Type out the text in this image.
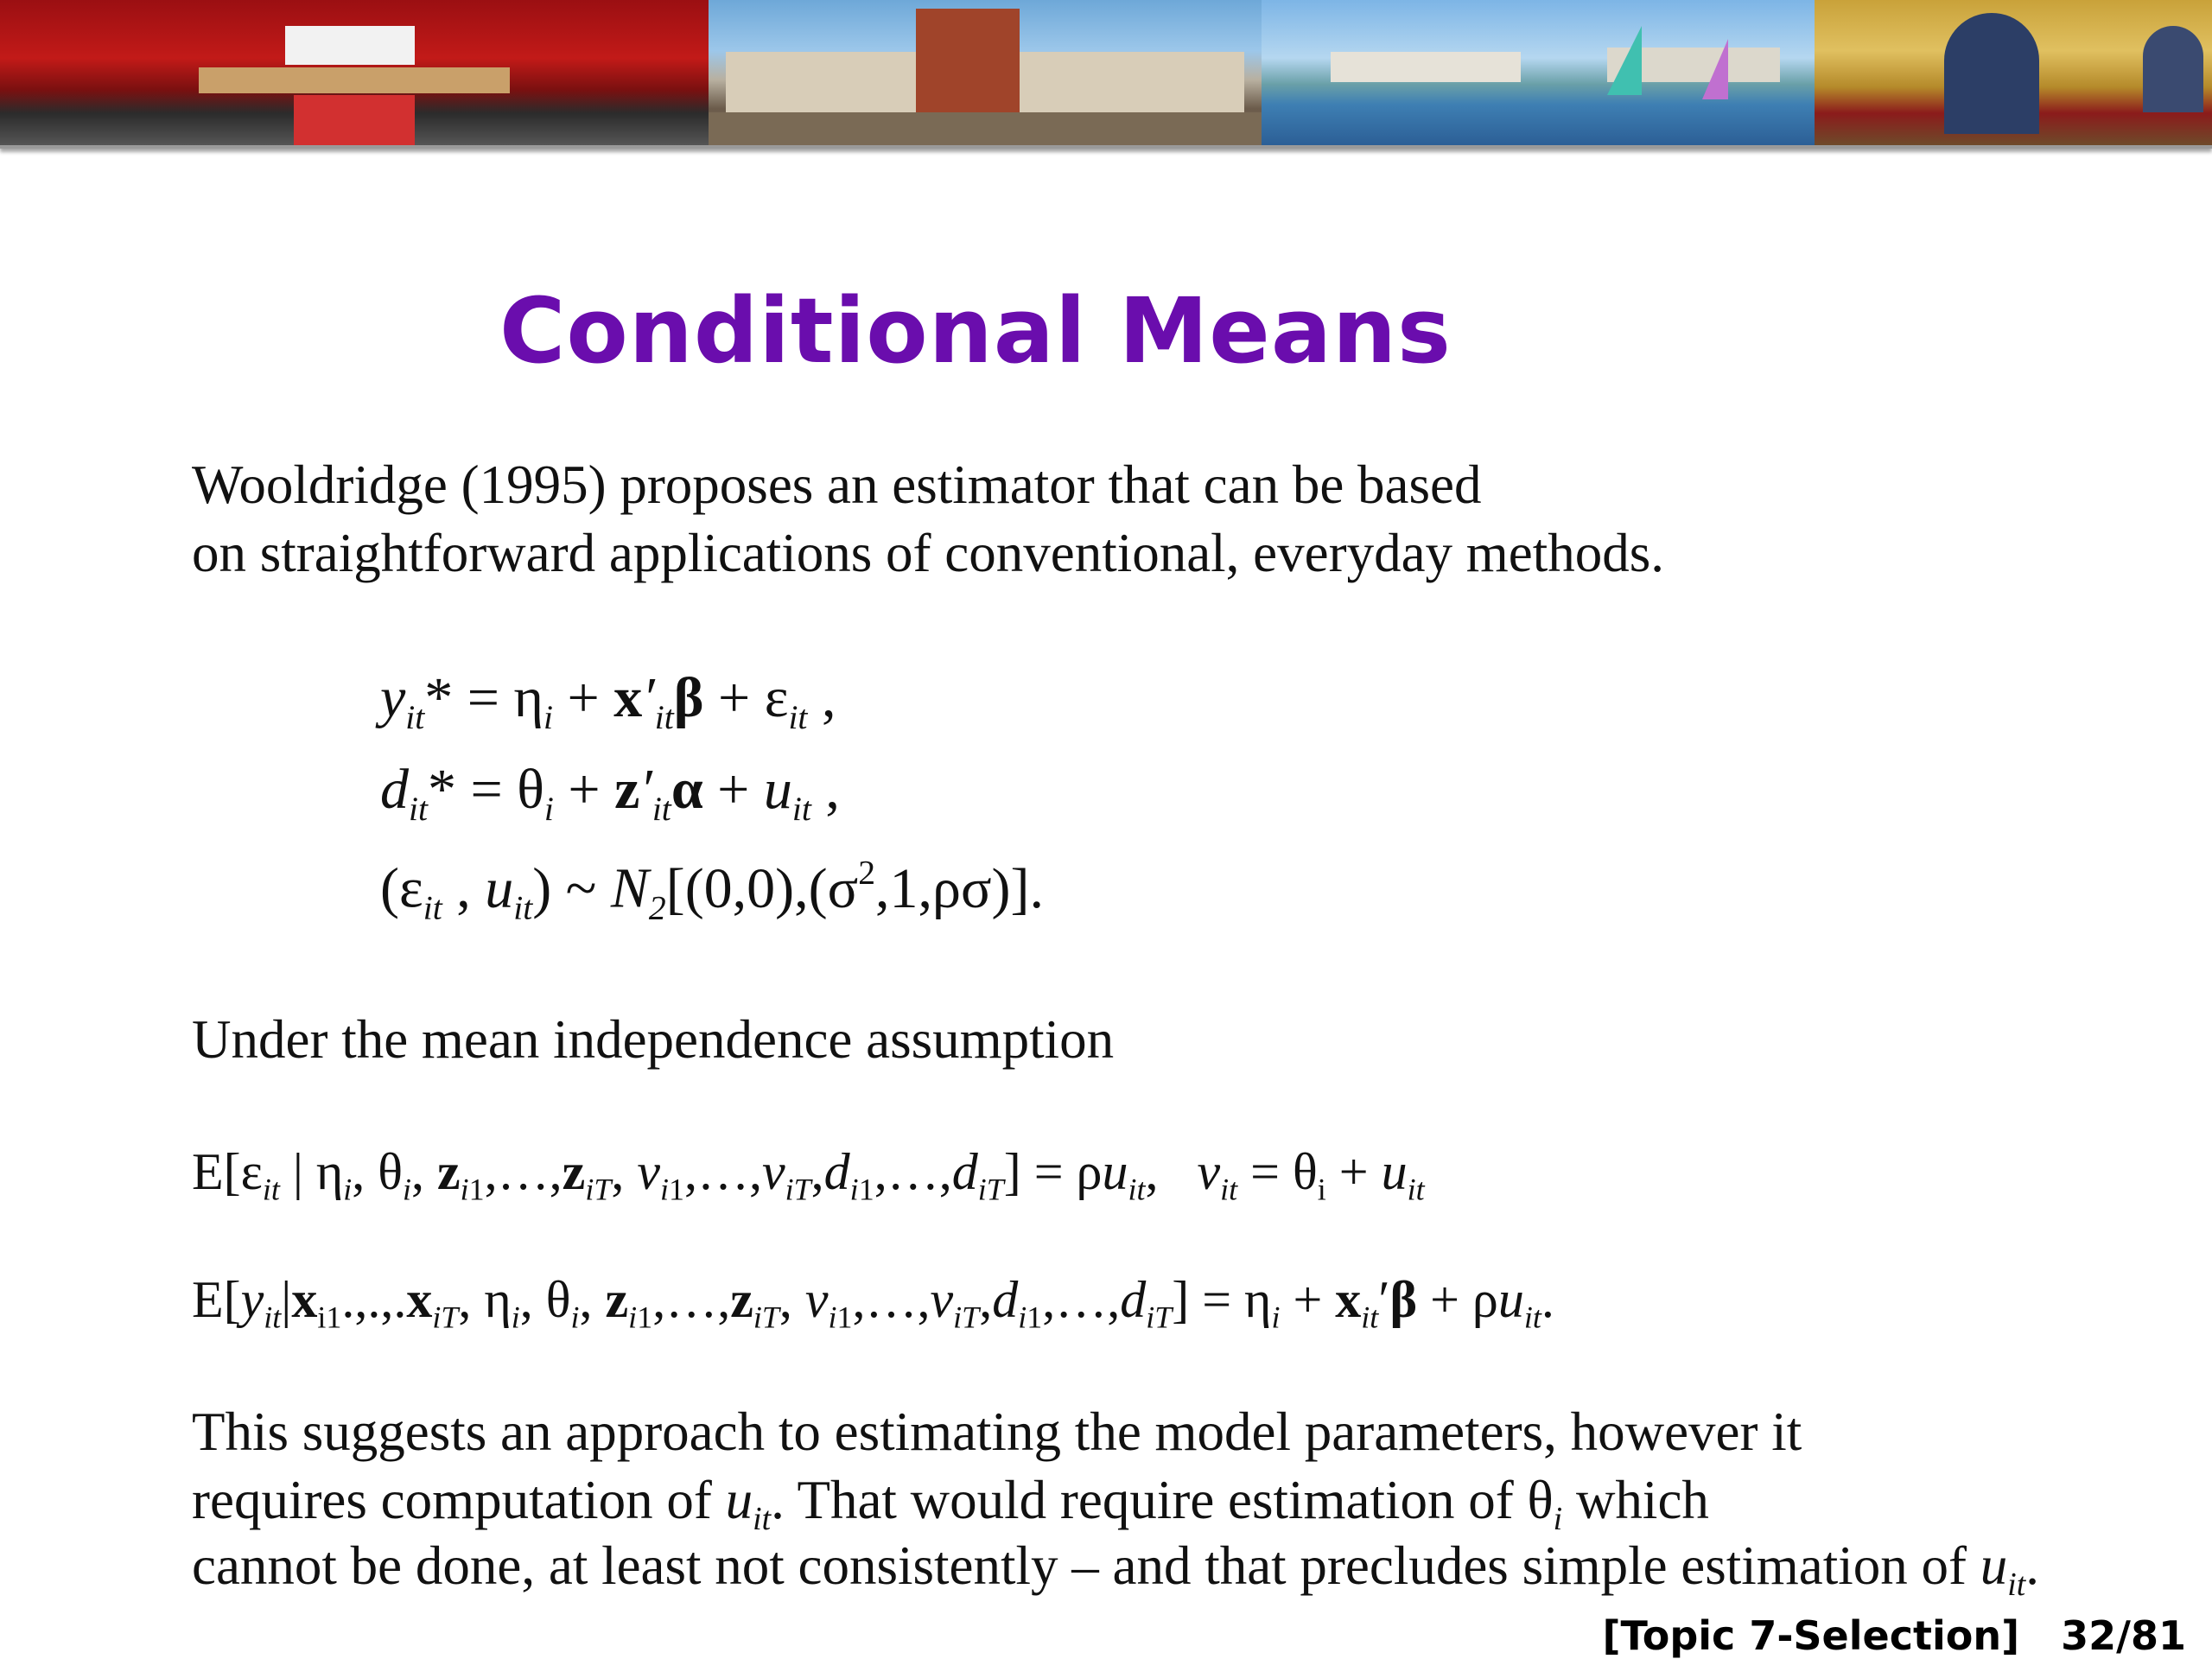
Conditional Means

Wooldridge (1995) proposes an estimator that can be based

on straightforward applications of conventional, everyday methods.

$y_{it}* = \eta_i + x'_{it}\beta + \varepsilon_{it}$ ,
$d_{it}* = \theta_i + z'_{it}\alpha + u_{it}$ ,
($\varepsilon_{it}$ , $u_{it}$) ~ $N_2[(0,0),(\sigma^2,1,\rho\sigma)]$.

Under the mean independence assumption

$E[\varepsilon_{it}$ | $\eta_i$, $\theta_i$, $z_{i1},\dots,z_{iT}$, $v_{i1},\dots,v_{iT},d_{i1},\dots,d_{iT}] = \rho u_{it}$,   $v_{it} = \theta_i + u_{it}$
$E[y_{it}|x_{i1}.,.,.x_{iT}$, $\eta_i$, $\theta_i$, $z_{i1},\dots,z_{iT}$, $v_{i1},\dots,v_{iT},d_{i1},\dots,d_{iT}] = \eta_i + x_{it}'\beta + \rho u_{it}$.

This suggests an approach to estimating the model parameters, however it

requires computation of $u_{it}$. That would require estimation of $\theta_i$ which

cannot be done, at least not consistently – and that precludes simple estimation of $u_{it}$.

[Topic 7-Selection] 32/81
